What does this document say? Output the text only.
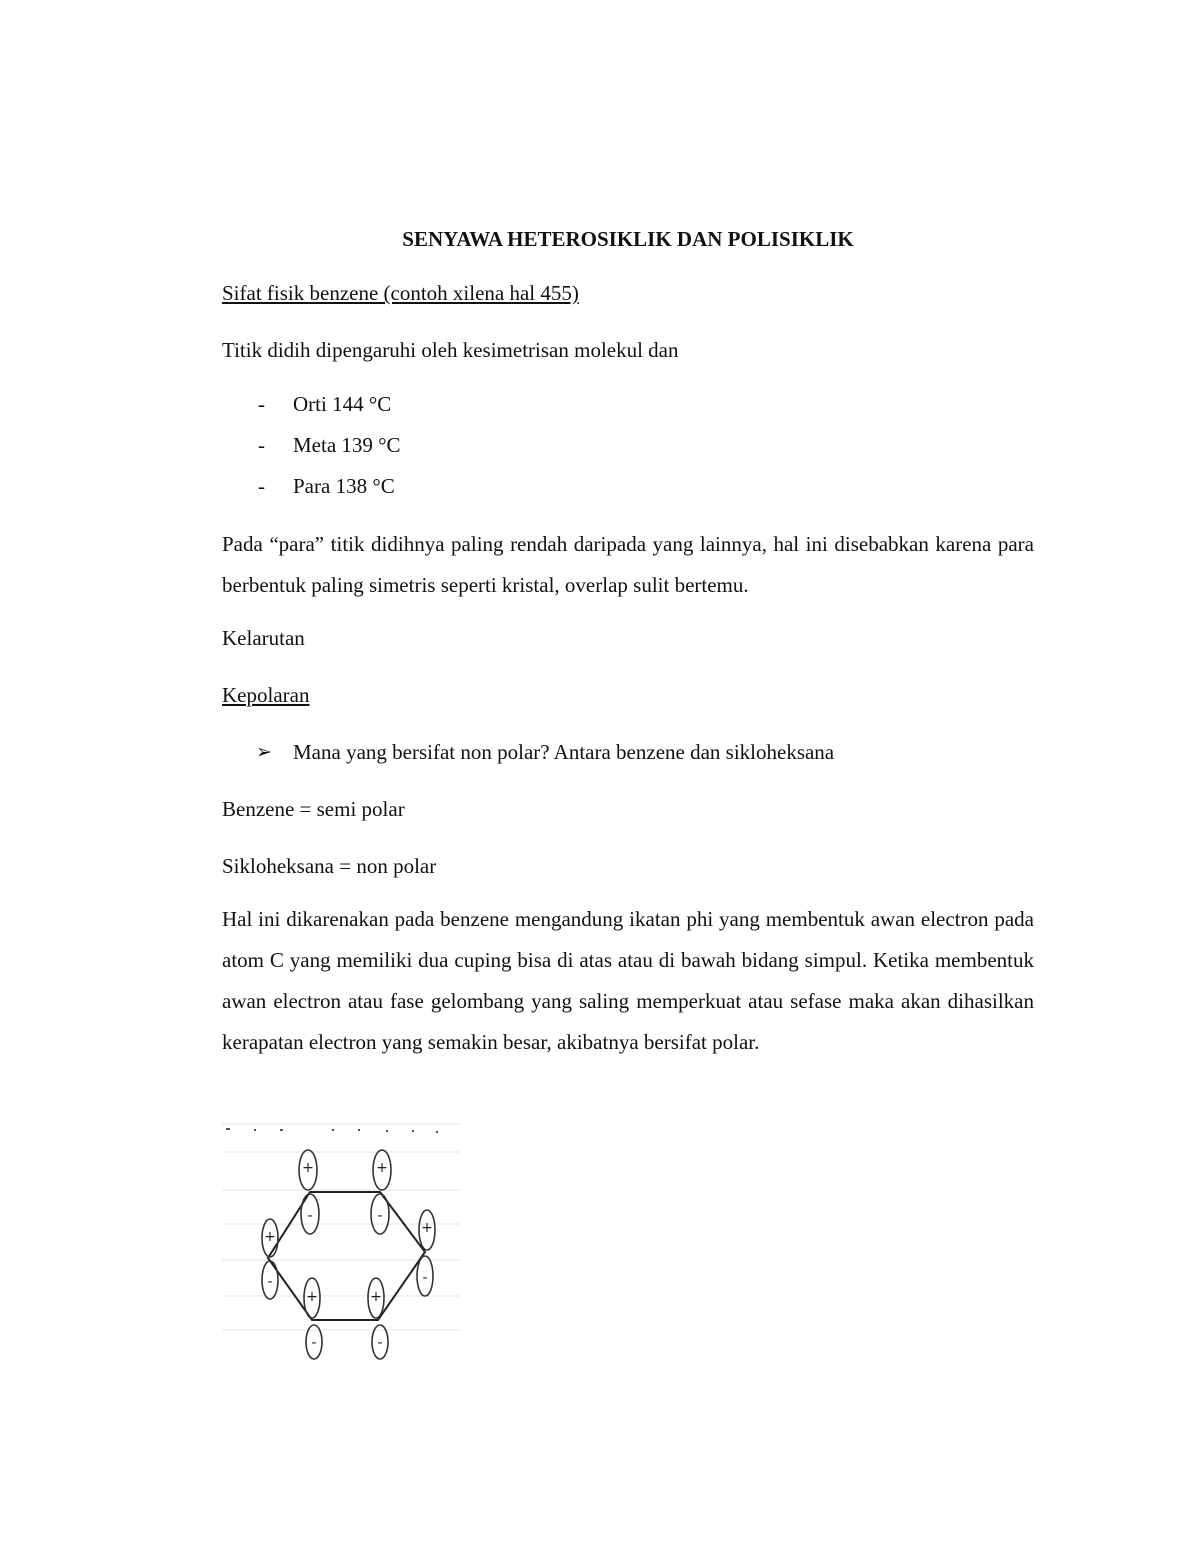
SENYAWA HETEROSIKLIK DAN POLISIKLIK
Sifat fisik benzene (contoh xilena hal 455)
Titik didih dipengaruhi oleh kesimetrisan molekul dan
- Orti 144 °C
- Meta 139 °C
- Para 138 °C
Pada “para” titik didihnya paling rendah daripada yang lainnya, hal ini disebabkan karena para berbentuk paling simetris seperti kristal, overlap sulit bertemu.
Kelarutan
Kepolaran
➢ Mana yang bersifat non polar? Antara benzene dan sikloheksana
Benzene = semi polar
Sikloheksana = non polar
Hal ini dikarenakan pada benzene mengandung ikatan phi yang membentuk awan electron pada atom C yang memiliki dua cuping bisa di atas atau di bawah bidang simpul. Ketika membentuk awan electron atau fase gelombang yang saling memperkuat atau sefase maka akan dihasilkan kerapatan electron yang semakin besar, akibatnya bersifat polar.
+
-
+
-
+
-
+
-
+
-
+
-
